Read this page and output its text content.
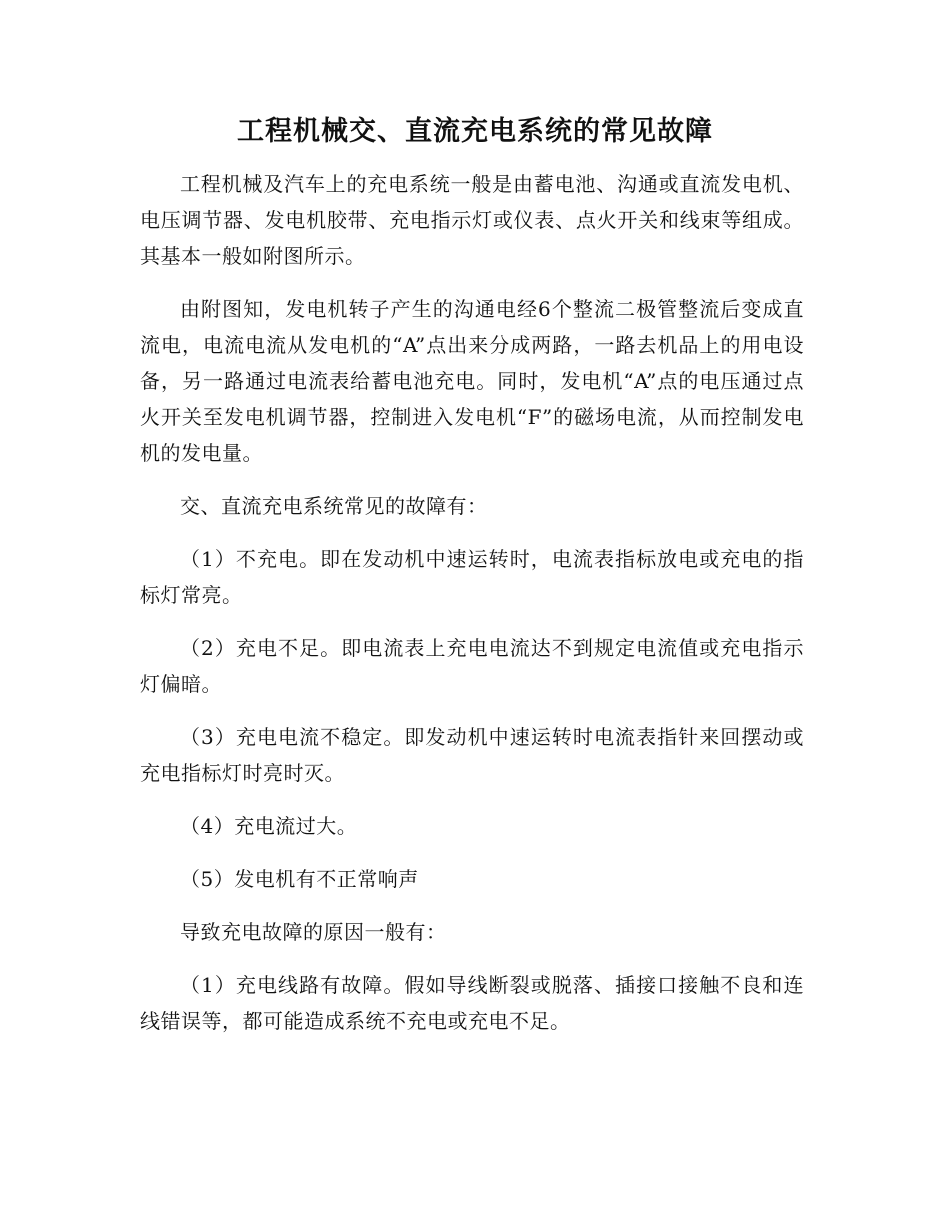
工程机械交、直流充电系统的常见故障

工程机械及汽车上的充电系统一般是由蓄电池、沟通或直流发电机、电压调节器、发电机胶带、充电指示灯或仪表、点火开关和线束等组成。其基本一般如附图所示。

由附图知，发电机转子产生的沟通电经6个整流二极管整流后变成直流电，电流电流从发电机的“A”点出来分成两路，一路去机品上的用电设备，另一路通过电流表给蓄电池充电。同时，发电机“A”点的电压通过点火开关至发电机调节器，控制进入发电机“F”的磁场电流，从而控制发电机的发电量。

交、直流充电系统常见的故障有：

（1）不充电。即在发动机中速运转时，电流表指标放电或充电的指标灯常亮。

（2）充电不足。即电流表上充电电流达不到规定电流值或充电指示灯偏暗。

（3）充电电流不稳定。即发动机中速运转时电流表指针来回摆动或充电指标灯时亮时灭。

（4）充电流过大。

（5）发电机有不正常响声

导致充电故障的原因一般有：

（1）充电线路有故障。假如导线断裂或脱落、插接口接触不良和连线错误等，都可能造成系统不充电或充电不足。
